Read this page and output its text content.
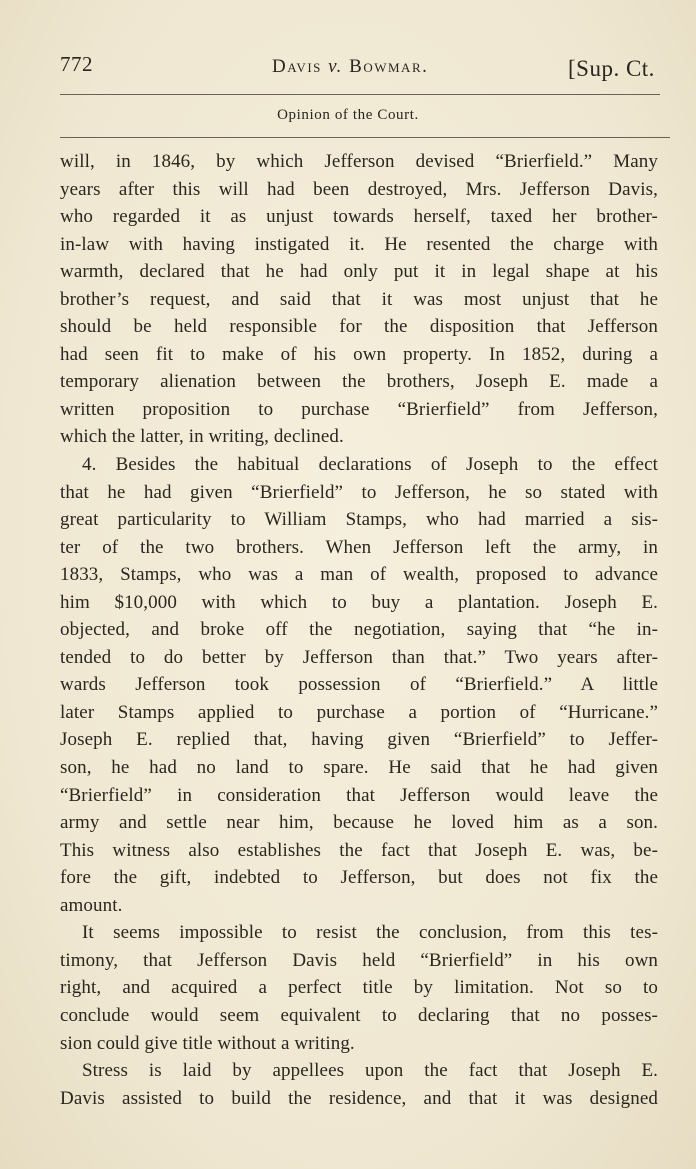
772	Davis v. Bowmar.	[Sup. Ct.
Opinion of the Court.
will, in 1846, by which Jefferson devised “Brierfield.” Many
years after this will had been destroyed, Mrs. Jefferson Davis,
who regarded it as unjust towards herself, taxed her brother-
in-law with having instigated it. He resented the charge with
warmth, declared that he had only put it in legal shape at his
brother’s request, and said that it was most unjust that he
should be held responsible for the disposition that Jefferson
had seen fit to make of his own property. In 1852, during a
temporary alienation between the brothers, Joseph E. made a
written proposition to purchase “Brierfield” from Jefferson,
which the latter, in writing, declined.
4. Besides the habitual declarations of Joseph to the effect
that he had given “Brierfield” to Jefferson, he so stated with
great particularity to William Stamps, who had married a sis-
ter of the two brothers. When Jefferson left the army, in
1833, Stamps, who was a man of wealth, proposed to advance
him $10,000 with which to buy a plantation. Joseph E.
objected, and broke off the negotiation, saying that “he in-
tended to do better by Jefferson than that.” Two years after-
wards Jefferson took possession of “Brierfield.” A little
later Stamps applied to purchase a portion of “Hurricane.”
Joseph E. replied that, having given “Brierfield” to Jeffer-
son, he had no land to spare. He said that he had given
“Brierfield” in consideration that Jefferson would leave the
army and settle near him, because he loved him as a son.
This witness also establishes the fact that Joseph E. was, be-
fore the gift, indebted to Jefferson, but does not fix the
amount.
It seems impossible to resist the conclusion, from this tes-
timony, that Jefferson Davis held “Brierfield” in his own
right, and acquired a perfect title by limitation. Not so to
conclude would seem equivalent to declaring that no posses-
sion could give title without a writing.
Stress is laid by appellees upon the fact that Joseph E.
Davis assisted to build the residence, and that it was designed
